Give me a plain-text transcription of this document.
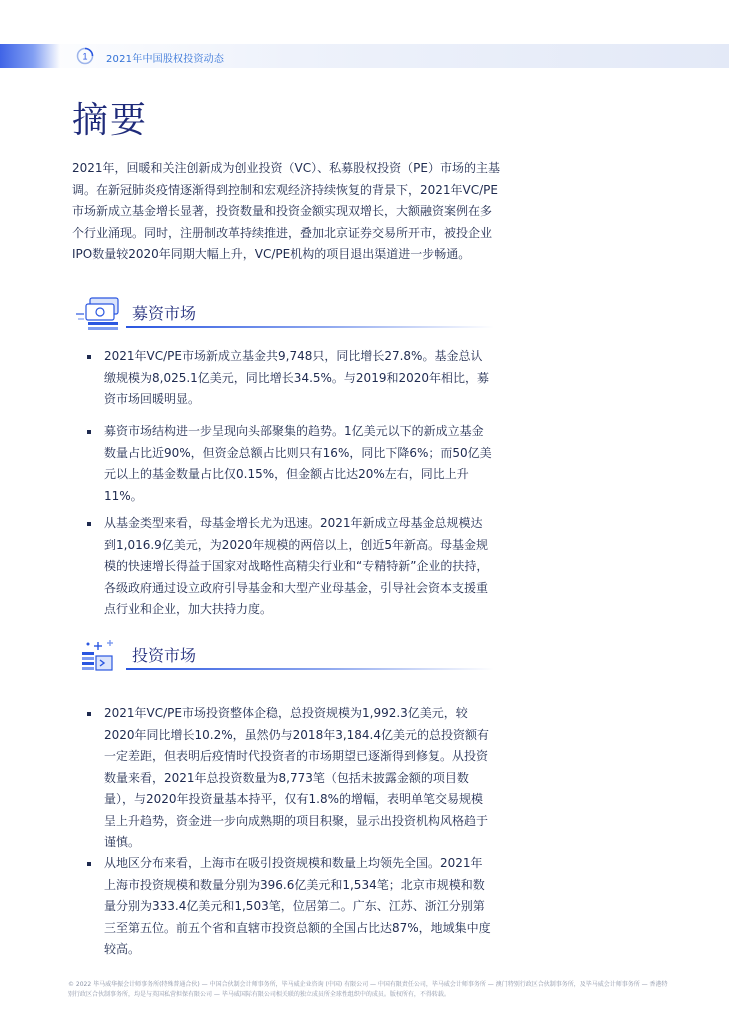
1 2021年中国股权投资动态
摘要

2021年，回暖和关注创新成为创业投资（VC）、私募股权投资（PE）市场的主基调。在新冠肺炎疫情逐渐得到控制和宏观经济持续恢复的背景下，2021年VC/PE市场新成立基金增长显著，投资数量和投资金额实现双增长，大额融资案例在多个行业涌现。同时，注册制改革持续推进，叠加北京证券交易所开市，被投企业IPO数量较2020年同期大幅上升，VC/PE机构的项目退出渠道进一步畅通。

募资市场

2021年VC/PE市场新成立基金共9,748只，同比增长27.8%。基金总认缴规模为8,025.1亿美元，同比增长34.5%。与2019和2020年相比，募资市场回暖明显。

募资市场结构进一步呈现向头部聚集的趋势。1亿美元以下的新成立基金数量占比近90%，但资金总额占比则只有16%，同比下降6%；而50亿美元以上的基金数量占比仅0.15%，但金额占比达20%左右，同比上升11%。

从基金类型来看，母基金增长尤为迅速。2021年新成立母基金总规模达到1,016.9亿美元，为2020年规模的两倍以上，创近5年新高。母基金规模的快速增长得益于国家对战略性高精尖行业和“专精特新”企业的扶持，各级政府通过设立政府引导基金和大型产业母基金，引导社会资本支援重点行业和企业，加大扶持力度。

投资市场

2021年VC/PE市场投资整体企稳，总投资规模为1,992.3亿美元，较2020年同比增长10.2%，虽然仍与2018年3,184.4亿美元的总投资额有一定差距，但表明后疫情时代投资者的市场期望已逐渐得到修复。从投资数量来看，2021年总投资数量为8,773笔（包括未披露金额的项目数量），与2020年投资量基本持平，仅有1.8%的增幅，表明单笔交易规模呈上升趋势，资金进一步向成熟期的项目积聚，显示出投资机构风格趋于谨慎。

从地区分布来看，上海市在吸引投资规模和数量上均领先全国。2021年上海市投资规模和数量分别为396.6亿美元和1,534笔；北京市规模和数量分别为333.4亿美元和1,503笔，位居第二。广东、江苏、浙江分别第三至第五位。前五个省和直辖市投资总额的全国占比达87%，地域集中度较高。

© 2022 毕马威华振会计师事务所(特殊普通合伙) — 中国合伙制会计师事务所，毕马威企业咨询 (中国) 有限公司 — 中国有限责任公司，毕马威会计师事务所 — 澳门特别行政区合伙制事务所，及毕马威会计师事务所 — 香港特别行政区合伙制事务所，均是与英国私营担保有限公司 — 毕马威国际有限公司相关联的独立成员所全球性组织中的成员。版权所有，不得转载。
